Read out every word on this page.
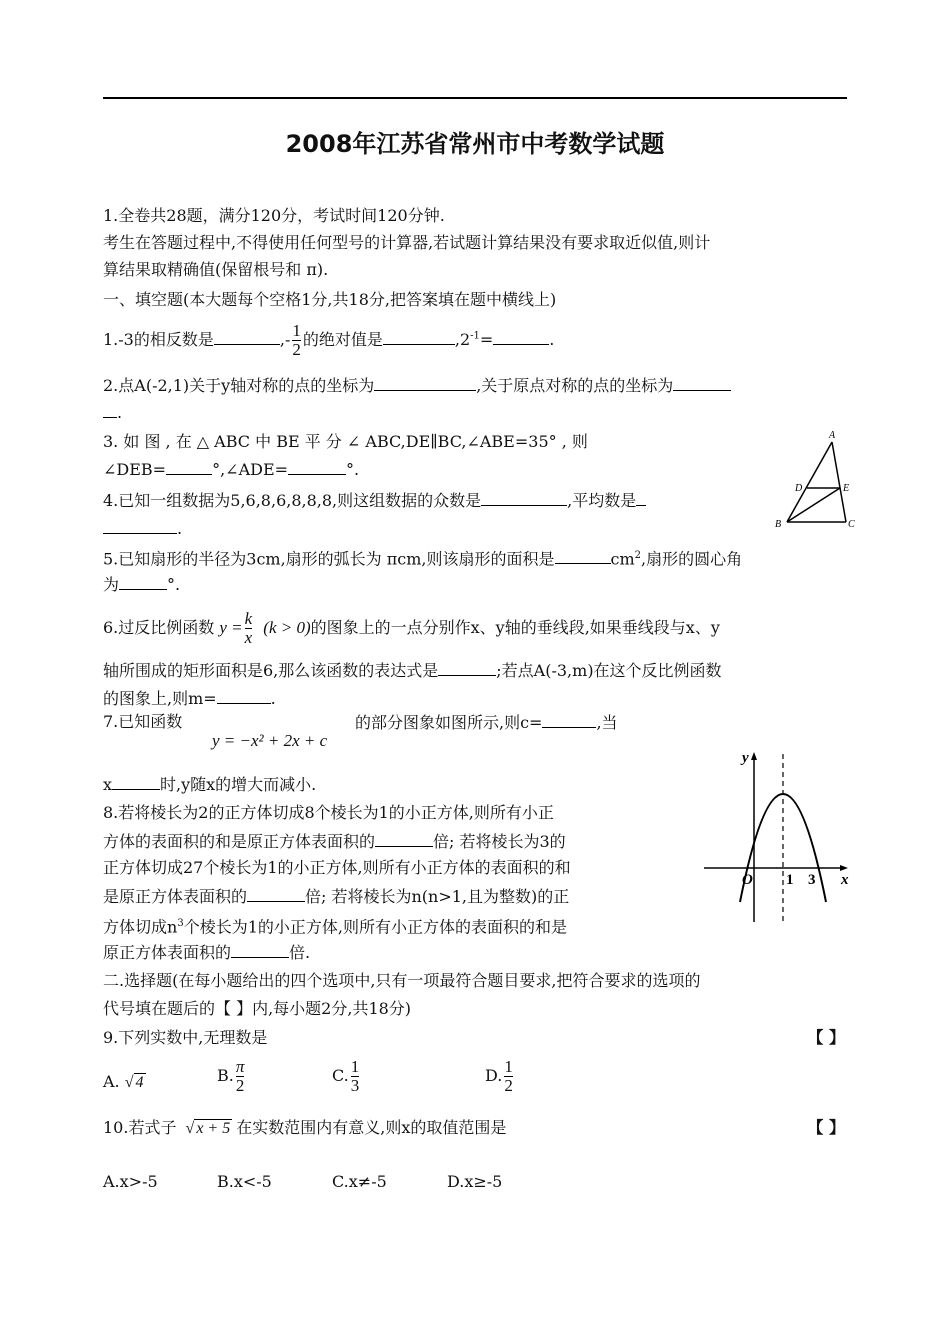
2008年江苏省常州市中考数学试题
1.全卷共28题，满分120分，考试时间120分钟.
考生在答题过程中,不得使用任何型号的计算器,若试题计算结果没有要求取近似值,则计
算结果取精确值(保留根号和 π).
一、填空题(本大题每个空格1分,共18分,把答案填在题中横线上)
1.-3的相反数是	,- $\frac{1}{2}$ 的绝对值是	$,2^{-1}=$	.
2.点A(-2,1)关于y轴对称的点的坐标为	,关于原点对称的点的坐标为
.
3. 如 图 , 在 △ ABC 中 BE 平 分 ∠ ABC,DE∥BC,∠ABE=35° , 则
∠DEB=	°,∠ADE=	°.
A
B	C
D	E
4.已知一组数据为5,6,8,6,8,8,8,则这组数据的众数是	,平均数是
.
5.已知扇形的半径为3cm,扇形的弧长为 πcm,则该扇形的面积是	$cm^2$,扇形的圆心角
为	°.
6.过反比例函数 $y = \frac{k}{x} (k > 0)$的图象上的一点分别作x、y轴的垂线段,如果垂线段与x、y
轴所围成的矩形面积是6,那么该函数的表达式是	;若点A(-3,m)在这个反比例函数
的图象上,则m=	.
7.已知函数
y = −x² + 2x + c
的部分图象如图所示,则c=	,当
x	时,y随x的增大而减小.
y
x
O 1 3
8.若将棱长为2的正方体切成8个棱长为1的小正方体,则所有小正
方体的表面积的和是原正方体表面积的	倍; 若将棱长为3的
正方体切成27个棱长为1的小正方体,则所有小正方体的表面积的和
是原正方体表面积的	倍; 若将棱长为n(n>1,且为整数)的正
方体切成$n^3$个棱长为1的小正方体,则所有小正方体的表面积的和是
原正方体表面积的	倍.
二.选择题(在每小题给出的四个选项中,只有一项最符合题目要求,把符合要求的选项的
代号填在题后的【 】内,每小题2分,共18分)
9.下列实数中,无理数是	【 】
A. √ 4	B. $\frac{\pi}{2}$	C. $\frac{1}{3}$	D. $\frac{1}{2}$
10.若式子 √ x + 5 在实数范围内有意义,则x的取值范围是	【 】
A.x>-5	B.x<-5	C.x≠-5	D.x≥-5
